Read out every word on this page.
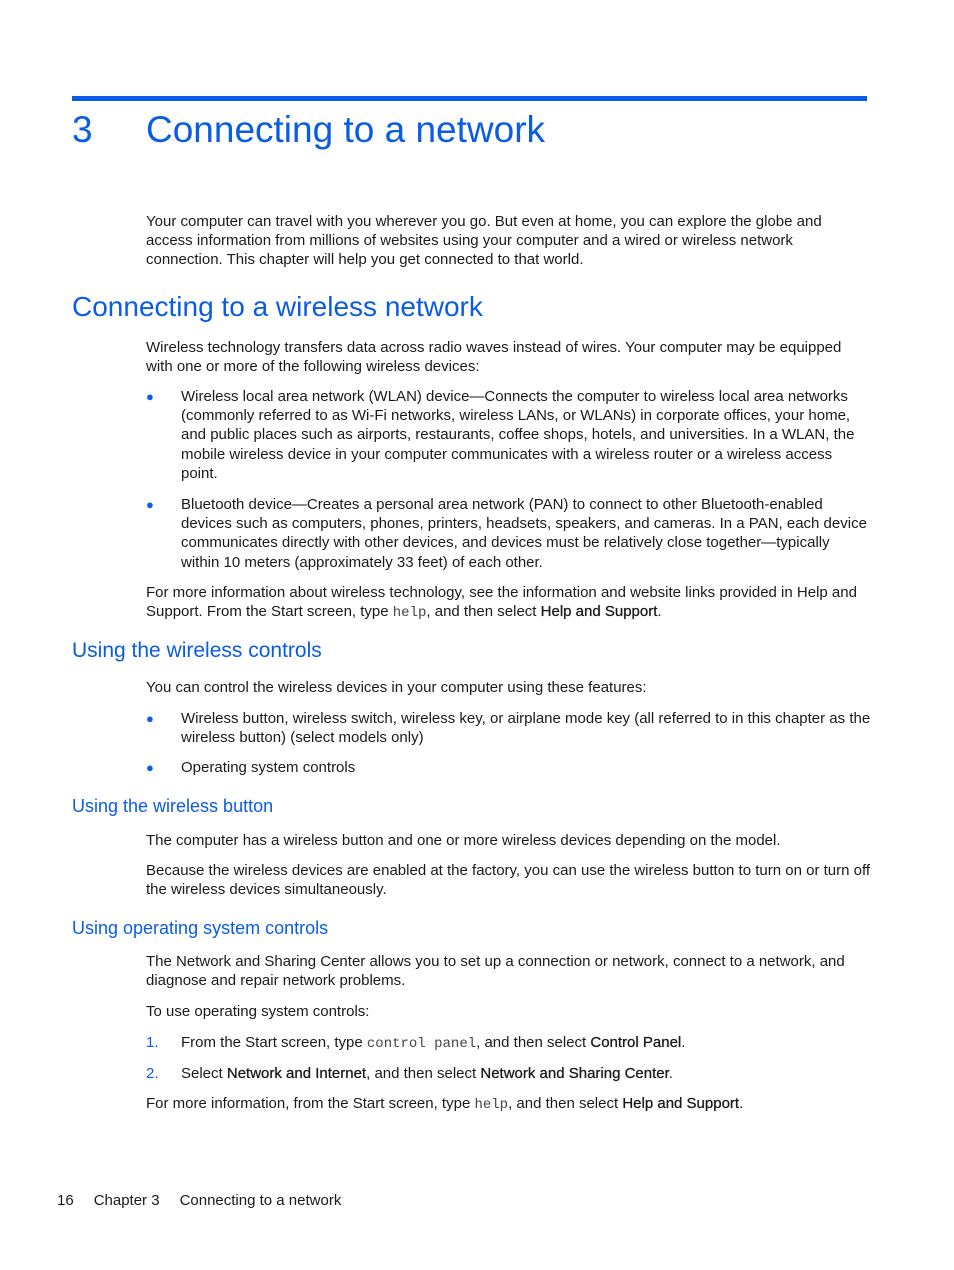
3 Connecting to a network

Your computer can travel with you wherever you go. But even at home, you can explore the globe and access information from millions of websites using your computer and a wired or wireless network connection. This chapter will help you get connected to that world.

Connecting to a wireless network

Wireless technology transfers data across radio waves instead of wires. Your computer may be equipped with one or more of the following wireless devices:

● Wireless local area network (WLAN) device—Connects the computer to wireless local area networks (commonly referred to as Wi-Fi networks, wireless LANs, or WLANs) in corporate offices, your home, and public places such as airports, restaurants, coffee shops, hotels, and universities. In a WLAN, the mobile wireless device in your computer communicates with a wireless router or a wireless access point.
● Bluetooth device—Creates a personal area network (PAN) to connect to other Bluetooth-enabled devices such as computers, phones, printers, headsets, speakers, and cameras. In a PAN, each device communicates directly with other devices, and devices must be relatively close together—typically within 10 meters (approximately 33 feet) of each other.

For more information about wireless technology, see the information and website links provided in Help and Support. From the Start screen, type help, and then select Help and Support.

Using the wireless controls

You can control the wireless devices in your computer using these features:

● Wireless button, wireless switch, wireless key, or airplane mode key (all referred to in this chapter as the wireless button) (select models only)
● Operating system controls
Using the wireless button

The computer has a wireless button and one or more wireless devices depending on the model.

Because the wireless devices are enabled at the factory, you can use the wireless button to turn on or turn off the wireless devices simultaneously.

Using operating system controls

The Network and Sharing Center allows you to set up a connection or network, connect to a network, and diagnose and repair network problems.

To use operating system controls:

1. From the Start screen, type control panel, and then select Control Panel.
2. Select Network and Internet, and then select Network and Sharing Center.

For more information, from the Start screen, type help, and then select Help and Support.

16 Chapter 3 Connecting to a network
